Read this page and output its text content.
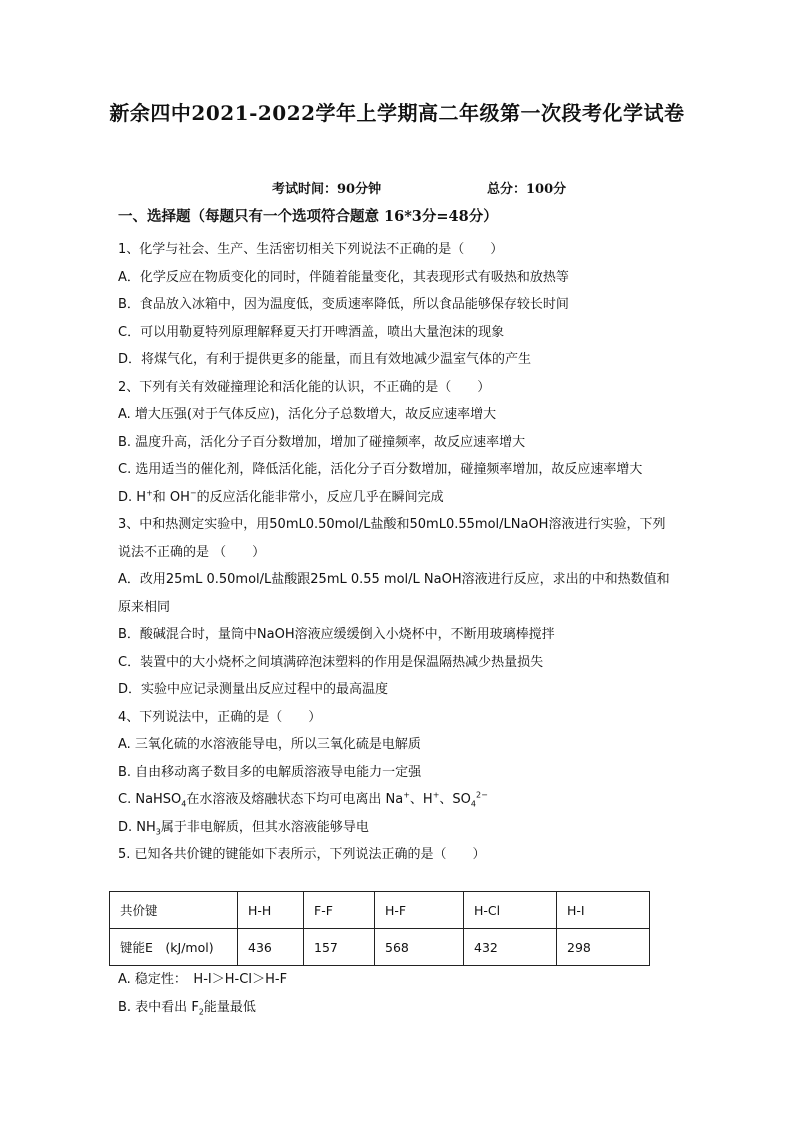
新余四中2021-2022学年上学期高二年级第一次段考化学试卷
考试时间：90分钟	总分：100分
一、选择题（每题只有一个选项符合题意 16*3分=48分）
1、化学与社会、生产、生活密切相关下列说法不正确的是（　　）
A．化学反应在物质变化的同时，伴随着能量变化，其表现形式有吸热和放热等
B．食品放入冰箱中，因为温度低，变质速率降低，所以食品能够保存较长时间
C．可以用勒夏特列原理解释夏天打开啤酒盖，喷出大量泡沫的现象
D．将煤气化，有利于提供更多的能量，而且有效地减少温室气体的产生
2、下列有关有效碰撞理论和活化能的认识，不正确的是（　　）
A. 增大压强(对于气体反应)，活化分子总数增大，故反应速率增大
B. 温度升高，活化分子百分数增加，增加了碰撞频率，故反应速率增大
C. 选用适当的催化剂，降低活化能，活化分子百分数增加，碰撞频率增加，故反应速率增大
D. H+和 OH−的反应活化能非常小，反应几乎在瞬间完成
3、中和热测定实验中，用50mL0.50mol/L盐酸和50mL0.55mol/LNaOH溶液进行实验，下列说法不正确的是 （　　）
A．改用25mL 0.50mol/L盐酸跟25mL 0.55 mol/L NaOH溶液进行反应，求出的中和热数值和原来相同
B．酸碱混合时，量筒中NaOH溶液应缓缓倒入小烧杯中，不断用玻璃棒搅拌
C．装置中的大小烧杯之间填满碎泡沫塑料的作用是保温隔热减少热量损失
D．实验中应记录测量出反应过程中的最高温度
4、下列说法中，正确的是（　　）
A. 三氧化硫的水溶液能导电，所以三氧化硫是电解质
B. 自由移动离子数目多的电解质溶液导电能力一定强
C. NaHSO$_4$在水溶液及熔融状态下均可电离出 Na+、H+、$SO_4^{2-}$
D. $NH_3$属于非电解质，但其水溶液能够导电
5. 已知各共价键的键能如下表所示，下列说法正确的是（　　）
共价键	H-H	F-F	H-F	H-Cl	H-I
键能E　(kJ/mol)	436	157	568	432	298
A. 稳定性：　H-I＞H-CI＞H-F
B. 表中看出 $F_2$能量最低
